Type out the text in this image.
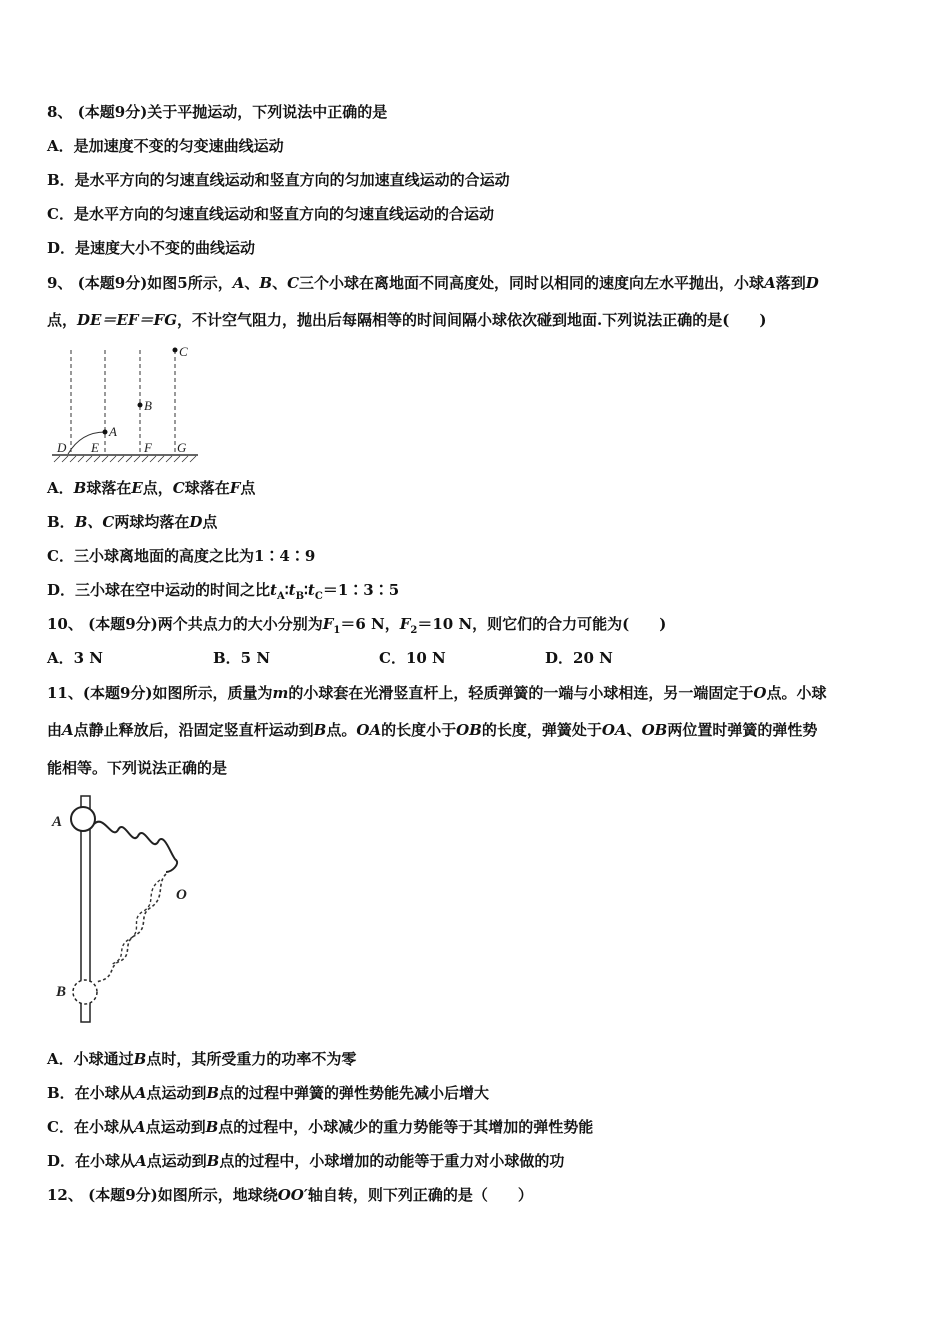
8、 (本题9分)关于平抛运动，下列说法中正确的是
A．是加速度不变的匀变速曲线运动
B．是水平方向的匀速直线运动和竖直方向的匀加速直线运动的合运动
C．是水平方向的匀速直线运动和竖直方向的匀速直线运动的合运动
D．是速度大小不变的曲线运动
9、 (本题9分)如图5所示，A、B、C三个小球在离地面不同高度处，同时以相同的速度向左水平抛出，小球A落到D
点，DE＝EF＝FG，不计空气阻力，抛出后每隔相等的时间间隔小球依次碰到地面.下列说法正确的是(　　)
D E	F G
A
B
C
A．B球落在E点，C球落在F点
B．B、C两球均落在D点
C．三小球离地面的高度之比为1∶4∶9
D．三小球在空中运动的时间之比$t_A∶t_B∶t_C=1∶3∶5$
10、 (本题9分)两个共点力的大小分别为$F_1=6$ N，$F_2=10$ N，则它们的合力可能为(　　)
A．3 N	B．5 N	C．10 N	D．20 N
11、(本题9分)如图所示，质量为m的小球套在光滑竖直杆上，轻质弹簧的一端与小球相连，另一端固定于O点。小球
由A点静止释放后，沿固定竖直杆运动到B点。OA的长度小于OB的长度，弹簧处于OA、OB两位置时弹簧的弹性势
能相等。下列说法正确的是
A
B
O
A．小球通过B点时，其所受重力的功率不为零
B．在小球从A点运动到B点的过程中弹簧的弹性势能先减小后增大
C．在小球从A点运动到B点的过程中，小球减少的重力势能等于其增加的弹性势能
D．在小球从A点运动到B点的过程中，小球增加的动能等于重力对小球做的功
12、 (本题9分)如图所示，地球绕OO′轴自转，则下列正确的是（　　）
